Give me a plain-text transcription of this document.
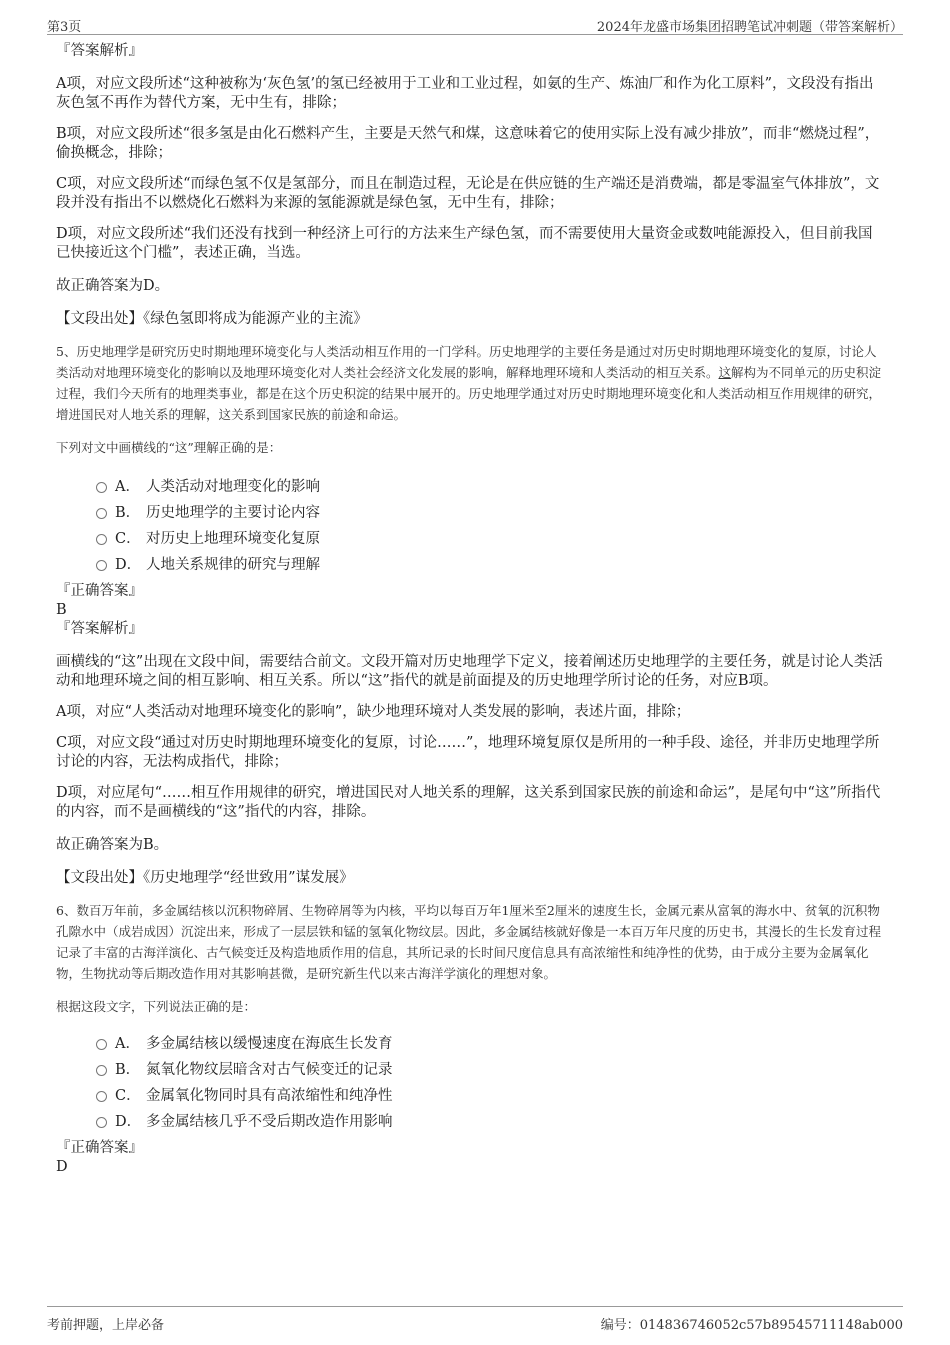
第3页	2024年龙盛市场集团招聘笔试冲刺题（带答案解析）
『答案解析』

A项，对应文段所述“这种被称为‘灰色氢’的氢已经被用于工业和工业过程，如氨的生产、炼油厂和作为化工原料”，文段没有指出灰色氢不再作为替代方案，无中生有，排除；

B项，对应文段所述“很多氢是由化石燃料产生，主要是天然气和煤，这意味着它的使用实际上没有减少排放”，而非“燃烧过程”，偷换概念，排除；

C项，对应文段所述“而绿色氢不仅是氢部分，而且在制造过程，无论是在供应链的生产端还是消费端，都是零温室气体排放”，文段并没有指出不以燃烧化石燃料为来源的氢能源就是绿色氢，无中生有，排除；

D项，对应文段所述“我们还没有找到一种经济上可行的方法来生产绿色氢，而不需要使用大量资金或数吨能源投入，但目前我国已快接近这个门槛”，表述正确，当选。

故正确答案为D。

【文段出处】《绿色氢即将成为能源产业的主流》

5、历史地理学是研究历史时期地理环境变化与人类活动相互作用的一门学科。历史地理学的主要任务是通过对历史时期地理环境变化的复原，讨论人类活动对地理环境变化的影响以及地理环境变化对人类社会经济文化发展的影响，解释地理环境和人类活动的相互关系。这解构为不同单元的历史积淀过程，我们今天所有的地理类事业，都是在这个历史积淀的结果中展开的。历史地理学通过对历史时期地理环境变化和人类活动相互作用规律的研究，增进国民对人地关系的理解，这关系到国家民族的前途和命运。

下列对文中画横线的“这”理解正确的是：

A． 人类活动对地理变化的影响
B． 历史地理学的主要讨论内容
C． 对历史上地理环境变化复原
D． 人地关系规律的研究与理解
『正确答案』
B
『答案解析』

画横线的“这”出现在文段中间，需要结合前文。文段开篇对历史地理学下定义，接着阐述历史地理学的主要任务，就是讨论人类活动和地理环境之间的相互影响、相互关系。所以“这”指代的就是前面提及的历史地理学所讨论的任务，对应B项。

A项，对应“人类活动对地理环境变化的影响”，缺少地理环境对人类发展的影响，表述片面，排除；

C项，对应文段“通过对历史时期地理环境变化的复原，讨论……”，地理环境复原仅是所用的一种手段、途径，并非历史地理学所讨论的内容，无法构成指代，排除；

D项，对应尾句“……相互作用规律的研究，增进国民对人地关系的理解，这关系到国家民族的前途和命运”，是尾句中“这”所指代的内容，而不是画横线的“这”指代的内容，排除。

故正确答案为B。

【文段出处】《历史地理学“经世致用”谋发展》

6、数百万年前，多金属结核以沉积物碎屑、生物碎屑等为内核，平均以每百万年1厘米至2厘米的速度生长，金属元素从富氧的海水中、贫氧的沉积物孔隙水中（成岩成因）沉淀出来，形成了一层层铁和锰的氢氧化物纹层。因此，多金属结核就好像是一本百万年尺度的历史书，其漫长的生长发育过程记录了丰富的古海洋演化、古气候变迁及构造地质作用的信息，其所记录的长时间尺度信息具有高浓缩性和纯净性的优势，由于成分主要为金属氧化物，生物扰动等后期改造作用对其影响甚微，是研究新生代以来古海洋学演化的理想对象。

根据这段文字，下列说法正确的是：

A． 多金属结核以缓慢速度在海底生长发育
B． 氮氧化物纹层暗含对古气候变迁的记录
C． 金属氧化物同时具有高浓缩性和纯净性
D． 多金属结核几乎不受后期改造作用影响
『正确答案』
D
考前押题，上岸必备	编号：014836746052c57b89545711148ab000
